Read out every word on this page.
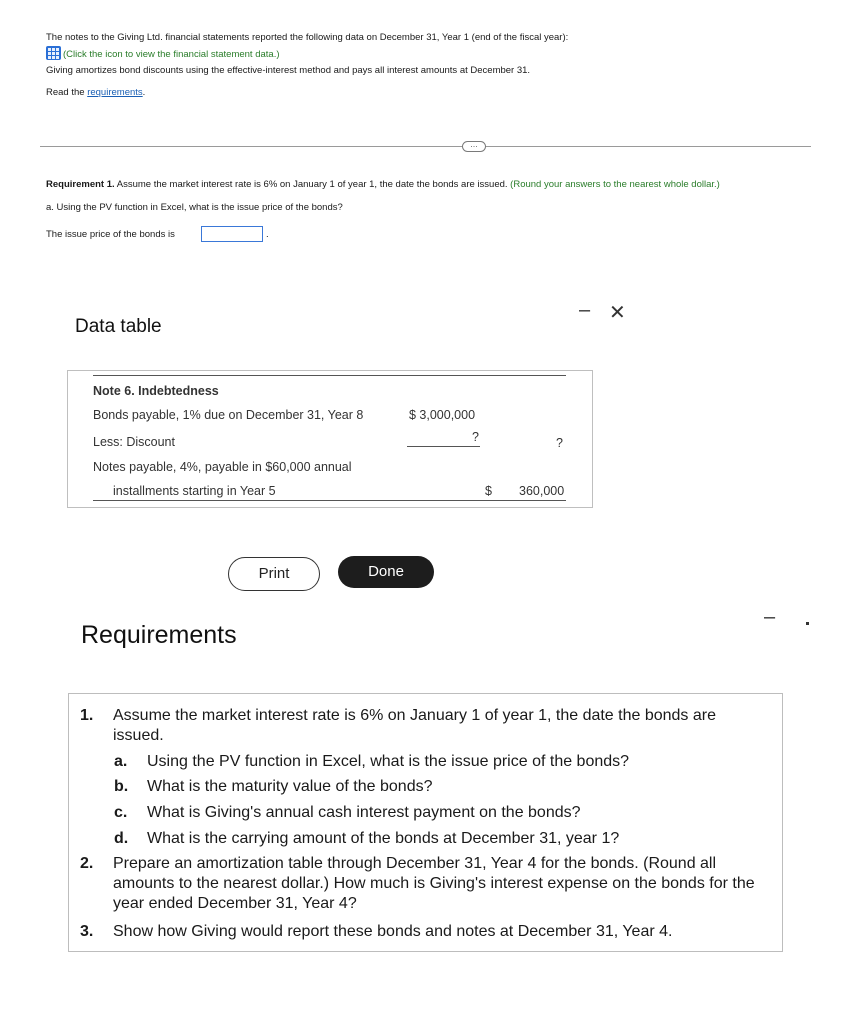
The notes to the Giving Ltd. financial statements reported the following data on December 31, Year 1 (end of the fiscal year):
(Click the icon to view the financial statement data.)
Giving amortizes bond discounts using the effective-interest method and pays all interest amounts at December 31.
Read the requirements.
…
Requirement 1. Assume the market interest rate is 6% on January 1 of year 1, the date the bonds are issued. (Round your answers to the nearest whole dollar.)
a. Using the PV function in Excel, what is the issue price of the bonds?
The issue price of the bonds is	.
Data table
– ✕
Note 6. Indebtedness
Bonds payable, 1% due on December 31, Year 8	$ 3,000,000
Less: Discount	?	?
Notes payable, 4%, payable in $60,000 annual
installments starting in Year 5	$ 360,000
Print	Done
Requirements
–
1. Assume the market interest rate is 6% on January 1 of year 1, the date the bonds are issued.
a. Using the PV function in Excel, what is the issue price of the bonds?
b. What is the maturity value of the bonds?
c. What is Giving's annual cash interest payment on the bonds?
d. What is the carrying amount of the bonds at December 31, year 1?
2. Prepare an amortization table through December 31, Year 4 for the bonds. (Round all amounts to the nearest dollar.) How much is Giving's interest expense on the bonds for the year ended December 31, Year 4?
3. Show how Giving would report these bonds and notes at December 31, Year 4.
